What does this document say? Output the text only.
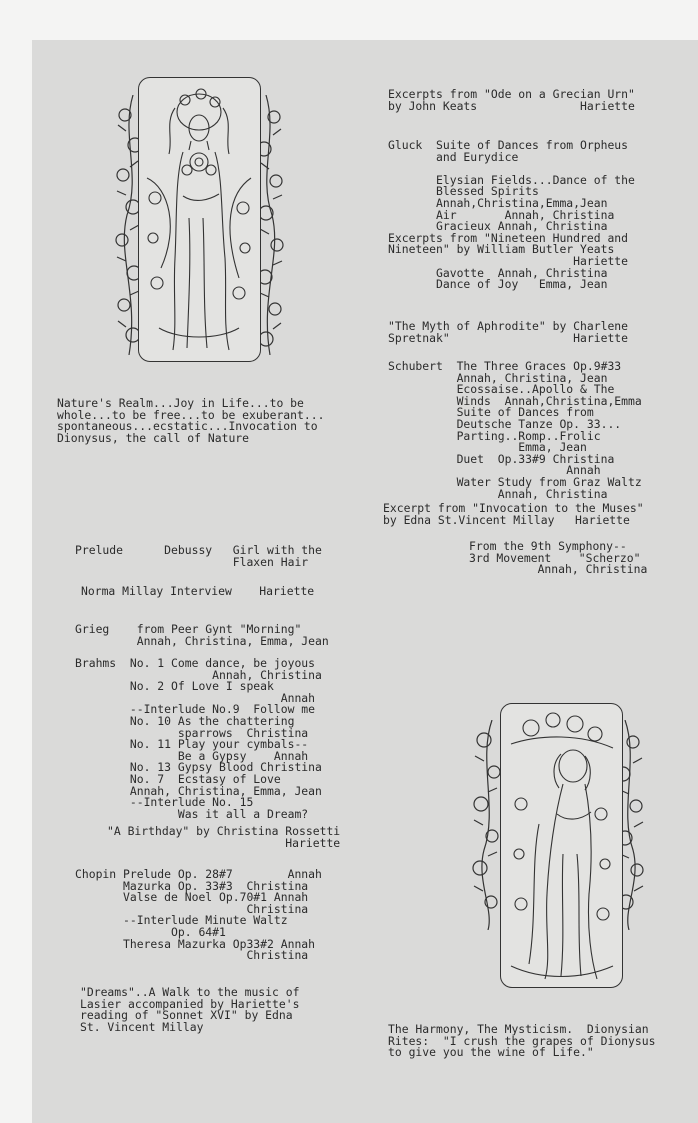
Nature's Realm...Joy in Life...to be
whole...to be free...to be exuberant...
spontaneous...ecstatic...Invocation to
Dionysus, the call of Nature
Prelude      Debussy   Girl with the
Flaxen Hair
Norma Millay Interview    Hariette
Grieg    from Peer Gynt "Morning"
Annah, Christina, Emma, Jean
Brahms  No. 1 Come dance, be joyous
Annah, Christina
No. 2 Of Love I speak
Annah
--Interlude No.9  Follow me
No. 10 As the chattering
sparrows  Christina
No. 11 Play your cymbals--
Be a Gypsy    Annah
No. 13 Gypsy Blood Christina
No. 7  Ecstasy of Love
Annah, Christina, Emma, Jean
--Interlude No. 15
Was it all a Dream?
"A Birthday" by Christina Rossetti
Hariette
Chopin Prelude Op. 28#7        Annah
Mazurka Op. 33#3  Christina
Valse de Noel Op.70#1 Annah
Christina
--Interlude Minute Waltz
Op. 64#1
Theresa Mazurka Op33#2 Annah
Christina
"Dreams"..A Walk to the music of
Lasier accompanied by Hariette's
reading of "Sonnet XVI" by Edna
St. Vincent Millay
Excerpts from "Ode on a Grecian Urn"
by John Keats               Hariette
Gluck  Suite of Dances from Orpheus
and Eurydice

Elysian Fields...Dance of the
Blessed Spirits
Annah,Christina,Emma,Jean
Air       Annah, Christina
Gracieux Annah, Christina
Excerpts from "Nineteen Hundred and
Nineteen" by William Butler Yeats
Hariette
Gavotte  Annah, Christina
Dance of Joy   Emma, Jean
"The Myth of Aphrodite" by Charlene
Spretnak"                  Hariette
Schubert  The Three Graces Op.9#33
Annah, Christina, Jean
Ecossaise..Apollo & The
Winds  Annah,Christina,Emma
Suite of Dances from
Deutsche Tanze Op. 33...
Parting..Romp..Frolic
Emma, Jean
Duet  Op.33#9 Christina
Annah
Water Study from Graz Waltz
Annah, Christina
Excerpt from "Invocation to the Muses"
by Edna St.Vincent Millay   Hariette
From the 9th Symphony--
3rd Movement    "Scherzo"
Annah, Christina
The Harmony, The Mysticism.  Dionysian
Rites:  "I crush the grapes of Dionysus
to give you the wine of Life."
